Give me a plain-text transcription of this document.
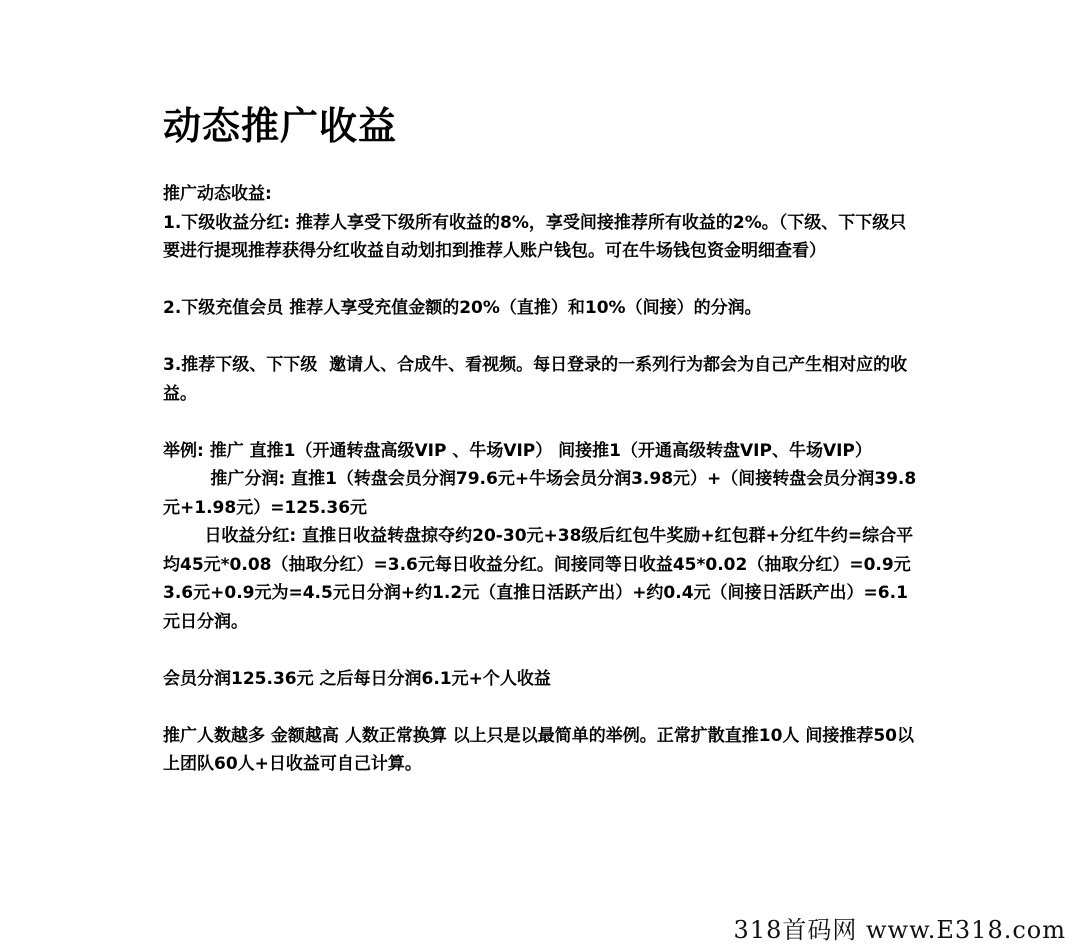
动态推广收益

推广动态收益:

1.下级收益分红: 推荐人享受下级所有收益的8%，享受间接推荐所有收益的2%。（下级、下下级只要进行提现推荐获得分红收益自动划扣到推荐人账户钱包。可在牛场钱包资金明细查看）

2.下级充值会员 推荐人享受充值金额的20%（直推）和10%（间接）的分润。

3.推荐下级、下下级  邀请人、合成牛、看视频。每日登录的一系列行为都会为自己产生相对应的收益。

举例: 推广 直推1（开通转盘高级VIP 、牛场VIP） 间接推1（开通高级转盘VIP、牛场VIP）

推广分润: 直推1（转盘会员分润79.6元+牛场会员分润3.98元）+（间接转盘会员分润39.8元+1.98元）=125.36元

日收益分红: 直推日收益转盘掠夺约20-30元+38级后红包牛奖励+红包群+分红牛约=综合平均45元*0.08（抽取分红）=3.6元每日收益分红。间接同等日收益45*0.02（抽取分红）=0.9元          3.6元+0.9元为=4.5元日分润+约1.2元（直推日活跃产出）+约0.4元（间接日活跃产出）=6.1元日分润。

会员分润125.36元 之后每日分润6.1元+个人收益

推广人数越多 金额越高 人数正常换算 以上只是以最简单的举例。正常扩散直推10人 间接推荐50以上团队60人+日收益可自己计算。

318首码网 www.E318.com
